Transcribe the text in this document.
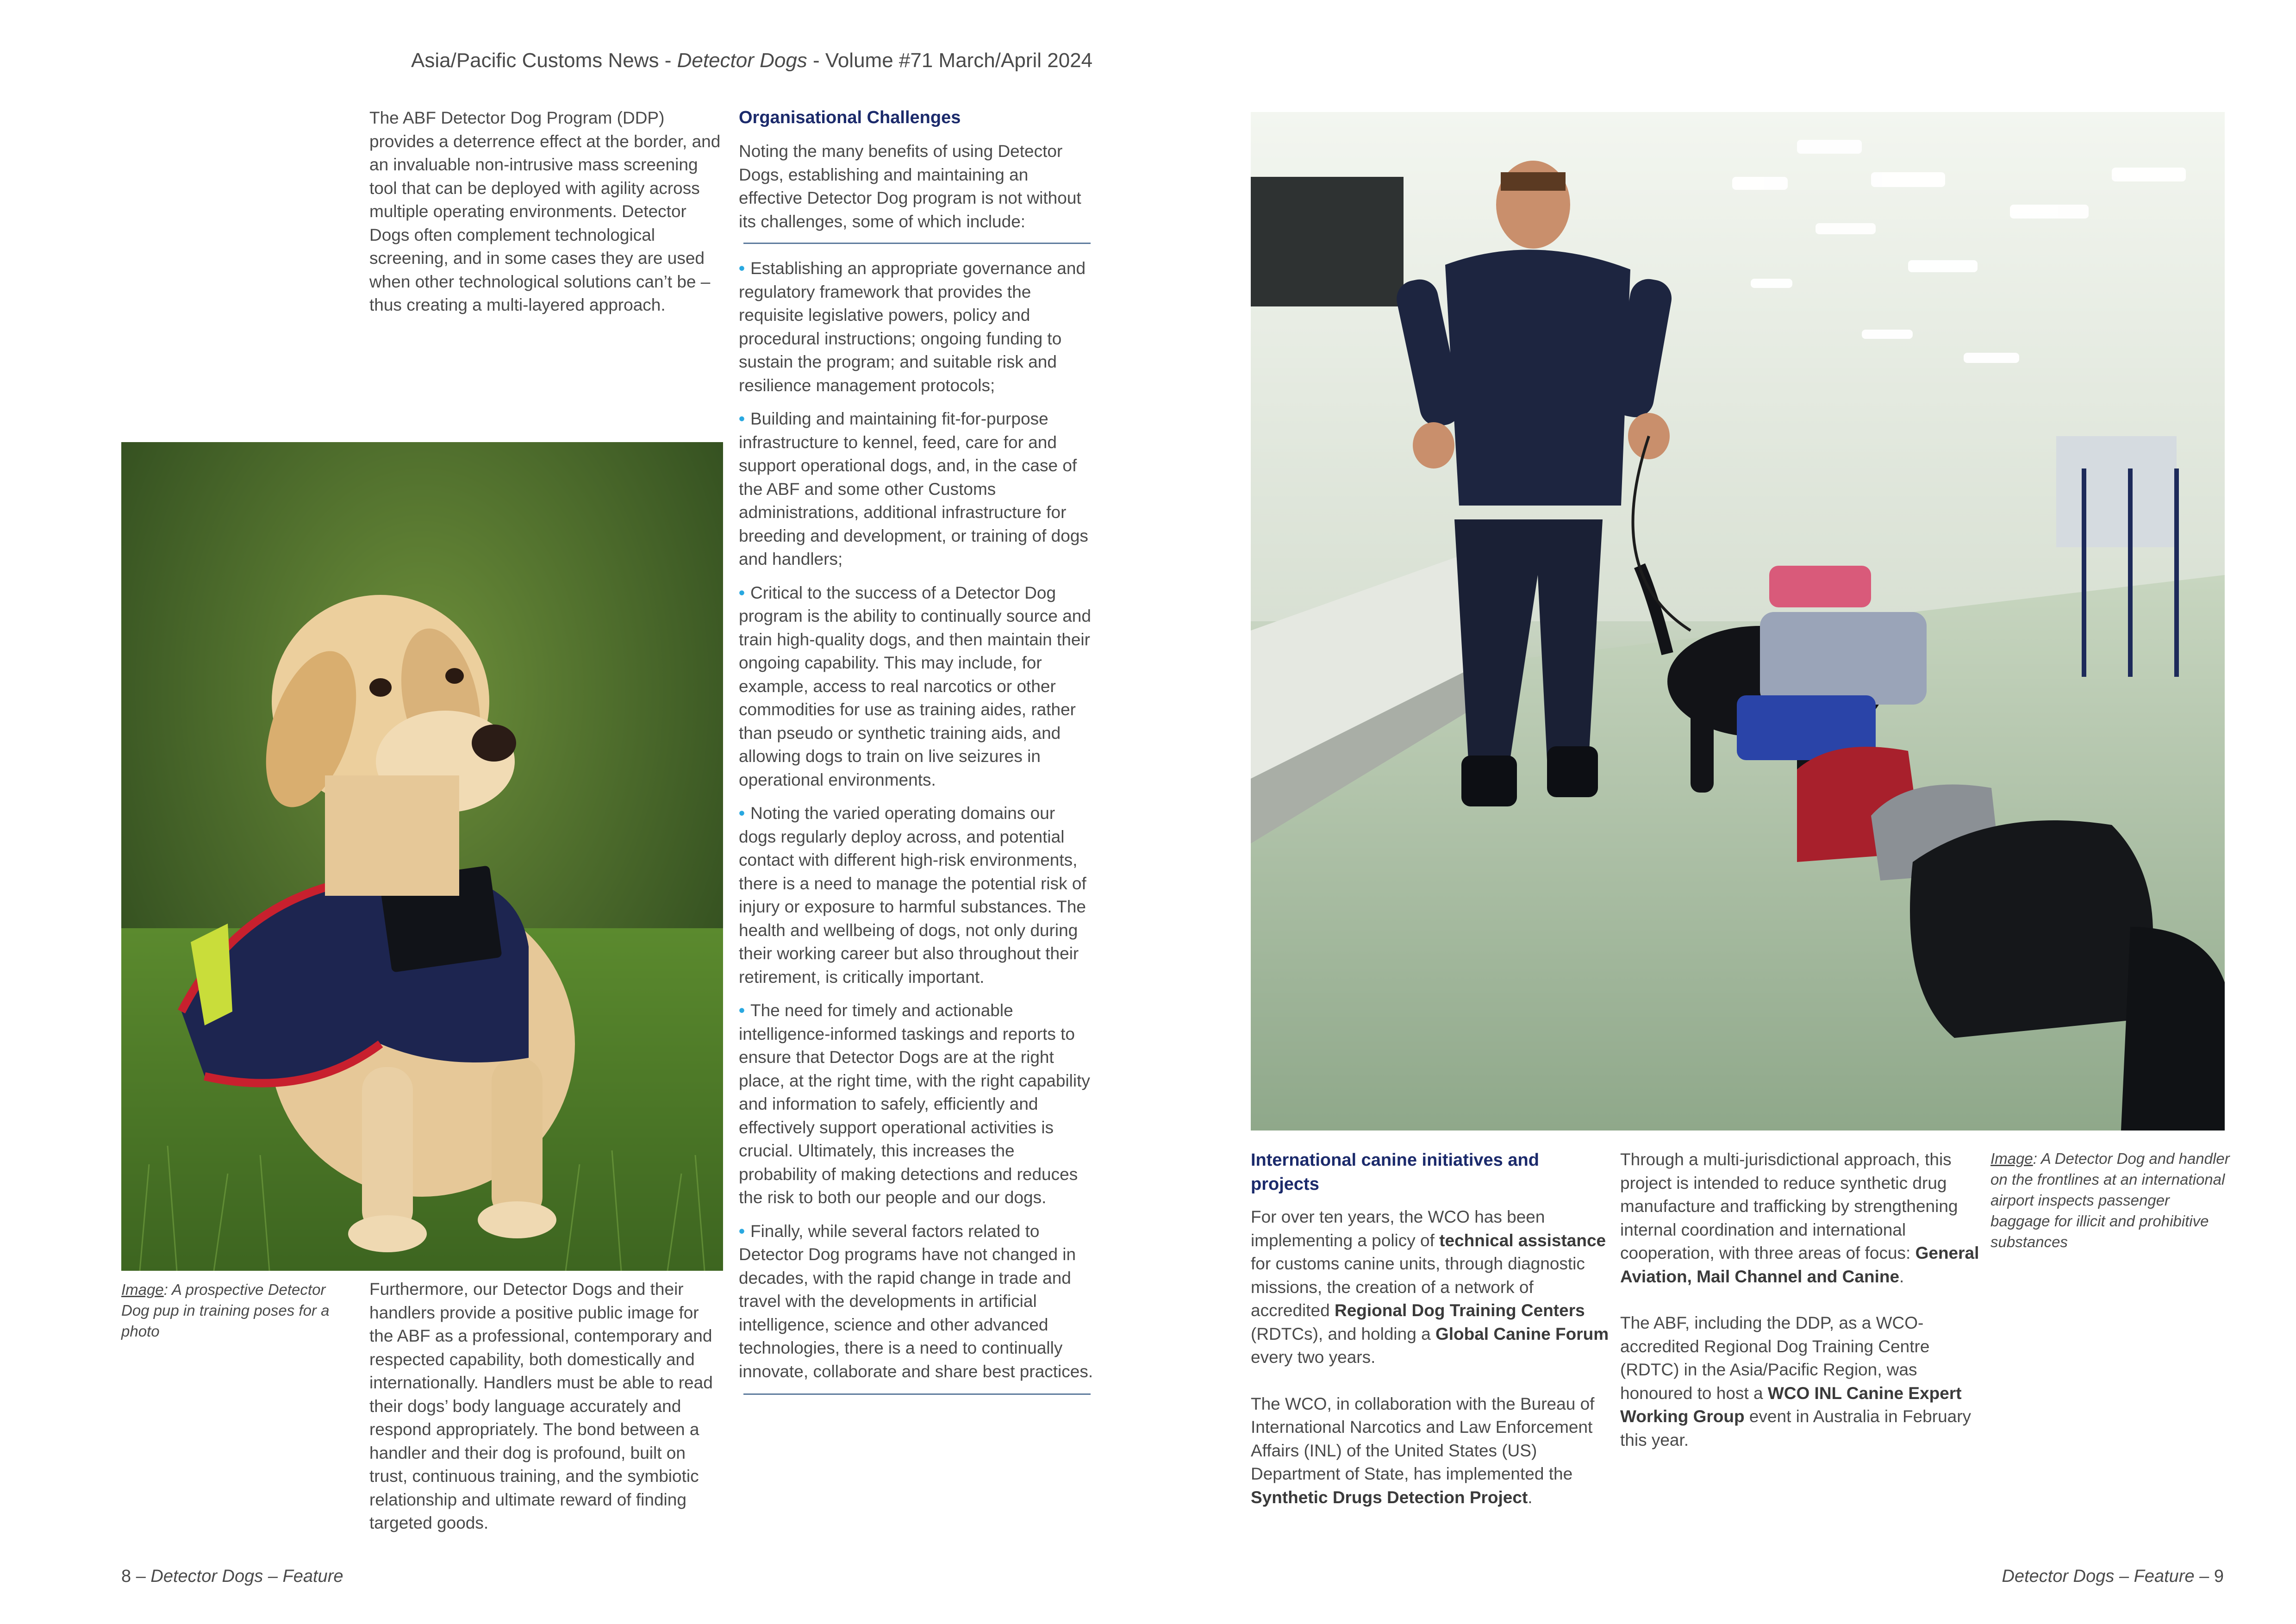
Asia/Pacific Customs News - Detector Dogs - Volume #71 March/April 2024

The ABF Detector Dog Program (DDP) provides a deterrence effect at the border, and an invaluable non-intrusive mass screening tool that can be deployed with agility across multiple operating environments. Detector Dogs often complement technological screening, and in some cases they are used when other technological solutions can’t be – thus creating a multi-layered approach.

Image: A prospective Detector Dog pup in training poses for a photo

Furthermore, our Detector Dogs and their handlers provide a positive public image for the ABF as a professional, contemporary and respected capability, both domestically and internationally. Handlers must be able to read their dogs’ body language accurately and respond appropriately. The bond between a handler and their dog is profound, built on trust, continuous training, and the symbiotic relationship and ultimate reward of finding targeted goods.

Organisational Challenges

Noting the many benefits of using Detector Dogs, establishing and maintaining an effective Detector Dog program is not without its challenges, some of which include:

• Establishing an appropriate governance and regulatory framework that provides the requisite legislative powers, policy and procedural instructions; ongoing funding to sustain the program; and suitable risk and resilience management protocols;
• Building and maintaining fit-for-purpose infrastructure to kennel, feed, care for and support operational dogs, and, in the case of the ABF and some other Customs administrations, additional infrastructure for breeding and development, or training of dogs and handlers;
• Critical to the success of a Detector Dog program is the ability to continually source and train high-quality dogs, and then maintain their ongoing capability. This may include, for example, access to real narcotics or other commodities for use as training aides, rather than pseudo or synthetic training aids, and allowing dogs to train on live seizures in operational environments.
• Noting the varied operating domains our dogs regularly deploy across, and potential contact with different high-risk environments, there is a need to manage the potential risk of injury or exposure to harmful substances. The health and wellbeing of dogs, not only during their working career but also throughout their retirement, is critically important.
• The need for timely and actionable intelligence-informed taskings and reports to ensure that Detector Dogs are at the right place, at the right time, with the right capability and information to safely, efficiently and effectively support operational activities is crucial. Ultimately, this increases the probability of making detections and reduces the risk to both our people and our dogs.
• Finally, while several factors related to Detector Dog programs have not changed in decades, with the rapid change in trade and travel with the developments in artificial intelligence, science and other advanced technologies, there is a need to continually innovate, collaborate and share best practices.
International canine initiatives and projects

For over ten years, the WCO has been implementing a policy of technical assistance for customs canine units, through diagnostic missions, the creation of a network of accredited Regional Dog Training Centers (RDTCs), and holding a Global Canine Forum every two years.

The WCO, in collaboration with the Bureau of International Narcotics and Law Enforcement Affairs (INL) of the United States (US) Department of State, has implemented the Synthetic Drugs Detection Project.

Through a multi-jurisdictional approach, this project is intended to reduce synthetic drug manufacture and trafficking by strengthening internal coordination and international cooperation, with three areas of focus: General Aviation, Mail Channel and Canine.

The ABF, including the DDP, as a WCO-accredited Regional Dog Training Centre (RDTC) in the Asia/Pacific Region, was honoured to host a WCO INL Canine Expert Working Group event in Australia in February this year.

Image: A Detector Dog and handler on the frontlines at an international airport inspects passenger baggage for illicit and prohibitive substances
8 – Detector Dogs – Feature	Detector Dogs – Feature – 9
